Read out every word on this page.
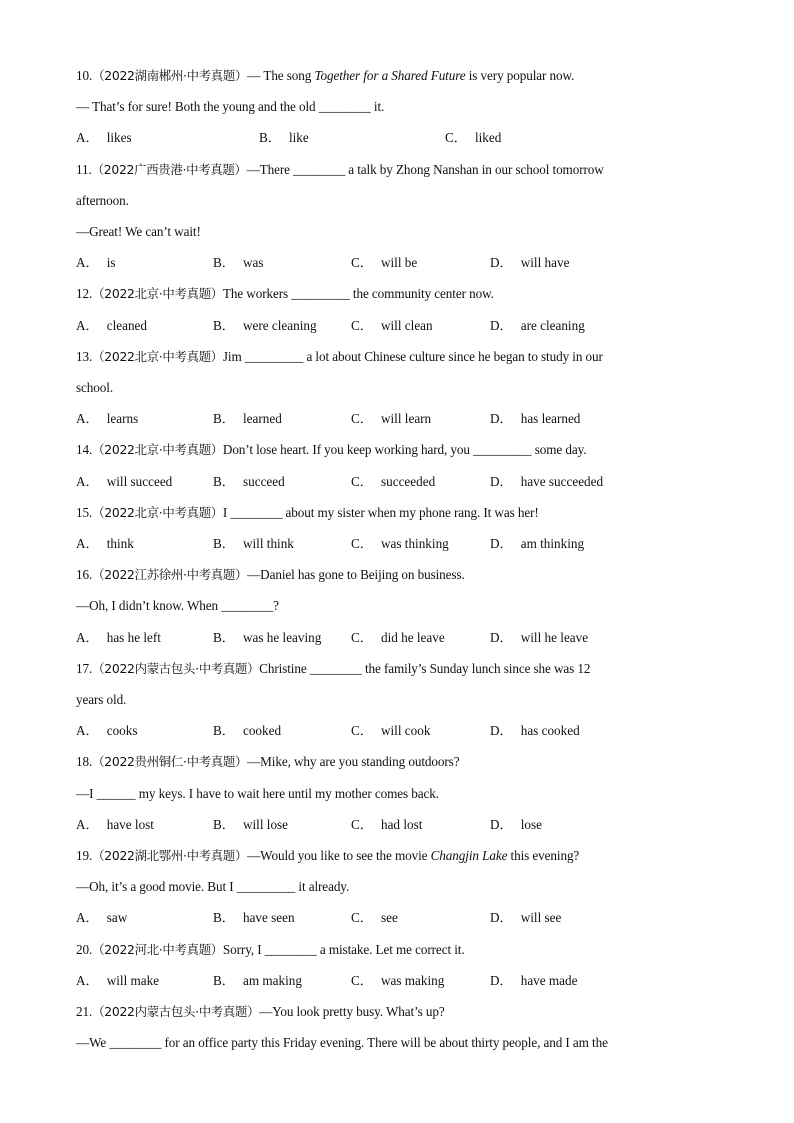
10.（2022湖南郴州·中考真题）— The song Together for a Shared Future is very popular now.
— That’s for sure! Both the young and the old ________ it.
A． likes	B． like	C． liked
11.（2022广西贵港·中考真题）—There ________ a talk by Zhong Nanshan in our school tomorrow
afternoon.
—Great! We can’t wait!
A． is	B． was	C． will be	D． will have
12.（2022北京·中考真题）The workers _________ the community center now.
A． cleaned	B． were cleaning	C． will clean	D． are cleaning
13.（2022北京·中考真题）Jim _________ a lot about Chinese culture since he began to study in our
school.
A． learns	B． learned	C． will learn	D． has learned
14.（2022北京·中考真题）Don’t lose heart. If you keep working hard, you _________ some day.
A． will succeed	B． succeed	C． succeeded	D． have succeeded
15.（2022北京·中考真题）I ________ about my sister when my phone rang. It was her!
A． think	B． will think	C． was thinking	D． am thinking
16.（2022江苏徐州·中考真题）—Daniel has gone to Beijing on business.
—Oh, I didn’t know. When ________?
A． has he left	B． was he leaving C． did he leave	D． will he leave
17.（2022内蒙古包头·中考真题）Christine ________ the family’s Sunday lunch since she was 12
years old.
A． cooks	B． cooked	C． will cook	D． has cooked
18.（2022贵州铜仁·中考真题）—Mike, why are you standing outdoors?
—I ______ my keys. I have to wait here until my mother comes back.
A． have lost	B． will lose	C． had lost	D． lose
19.（2022湖北鄂州·中考真题）—Would you like to see the movie Changjin Lake this evening?
—Oh, it’s a good movie. But I _________ it already.
A． saw	B． have seen	C． see	D． will see
20.（2022河北·中考真题）Sorry, I ________ a mistake. Let me correct it.
A． will make	B． am making	C． was making	D． have made
21.（2022内蒙古包头·中考真题）—You look pretty busy. What’s up?
—We ________ for an office party this Friday evening. There will be about thirty people, and I am the
